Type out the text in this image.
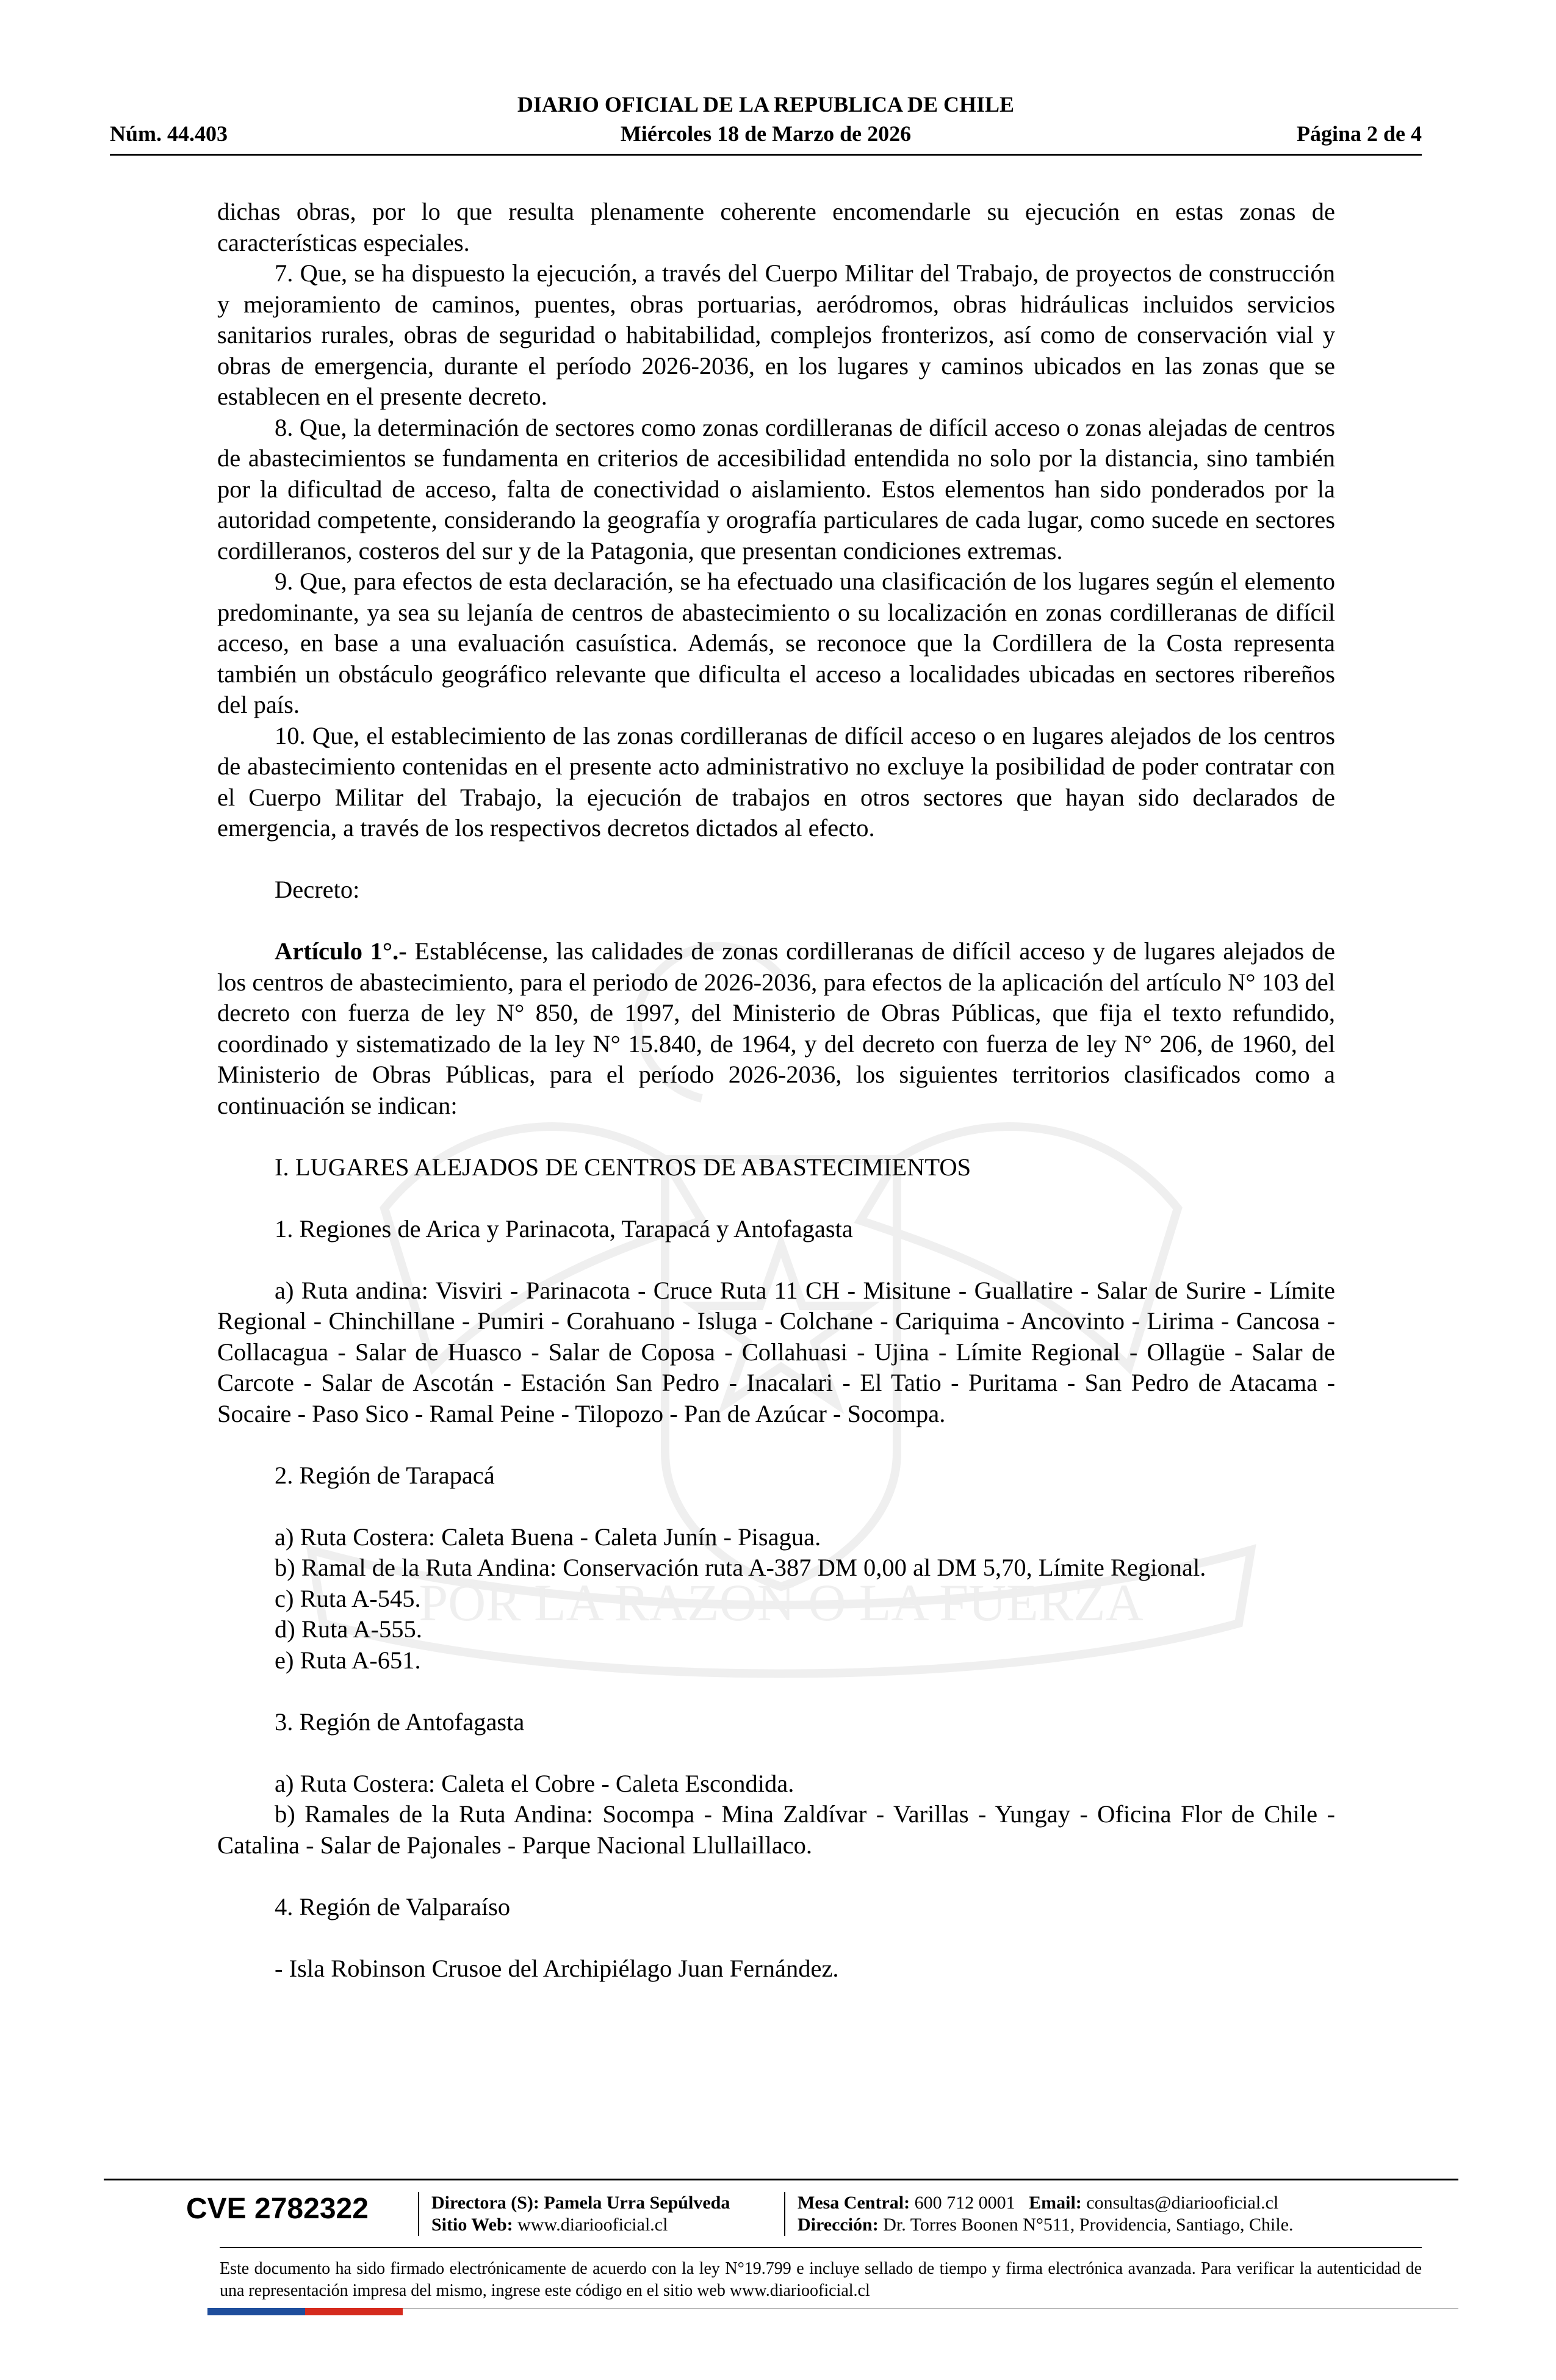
DIARIO OFICIAL DE LA REPUBLICA DE CHILE
Núm. 44.403	Miércoles 18 de Marzo de 2026	Página 2 de 4
POR LA RAZON O LA FUERZA

dichas obras, por lo que resulta plenamente coherente encomendarle su ejecución en estas zonas de características especiales.

7. Que, se ha dispuesto la ejecución, a través del Cuerpo Militar del Trabajo, de proyectos de construcción y mejoramiento de caminos, puentes, obras portuarias, aeródromos, obras hidráulicas incluidos servicios sanitarios rurales, obras de seguridad o habitabilidad, complejos fronterizos, así como de conservación vial y obras de emergencia, durante el período 2026-2036, en los lugares y caminos ubicados en las zonas que se establecen en el presente decreto.

8. Que, la determinación de sectores como zonas cordilleranas de difícil acceso o zonas alejadas de centros de abastecimientos se fundamenta en criterios de accesibilidad entendida no solo por la distancia, sino también por la dificultad de acceso, falta de conectividad o aislamiento. Estos elementos han sido ponderados por la autoridad competente, considerando la geografía y orografía particulares de cada lugar, como sucede en sectores cordilleranos, costeros del sur y de la Patagonia, que presentan condiciones extremas.

9. Que, para efectos de esta declaración, se ha efectuado una clasificación de los lugares según el elemento predominante, ya sea su lejanía de centros de abastecimiento o su localización en zonas cordilleranas de difícil acceso, en base a una evaluación casuística. Además, se reconoce que la Cordillera de la Costa representa también un obstáculo geográfico relevante que dificulta el acceso a localidades ubicadas en sectores ribereños del país.

10. Que, el establecimiento de las zonas cordilleranas de difícil acceso o en lugares alejados de los centros de abastecimiento contenidas en el presente acto administrativo no excluye la posibilidad de poder contratar con el Cuerpo Militar del Trabajo, la ejecución de trabajos en otros sectores que hayan sido declarados de emergencia, a través de los respectivos decretos dictados al efecto.

Decreto:

Artículo 1°.- Establécense, las calidades de zonas cordilleranas de difícil acceso y de lugares alejados de los centros de abastecimiento, para el periodo de 2026-2036, para efectos de la aplicación del artículo N° 103 del decreto con fuerza de ley N° 850, de 1997, del Ministerio de Obras Públicas, que fija el texto refundido, coordinado y sistematizado de la ley N° 15.840, de 1964, y del decreto con fuerza de ley N° 206, de 1960, del Ministerio de Obras Públicas, para el período 2026-2036, los siguientes territorios clasificados como a continuación se indican:

I. LUGARES ALEJADOS DE CENTROS DE ABASTECIMIENTOS

1. Regiones de Arica y Parinacota, Tarapacá y Antofagasta

a) Ruta andina: Visviri - Parinacota - Cruce Ruta 11 CH - Misitune - Guallatire - Salar de Surire - Límite Regional - Chinchillane - Pumiri - Corahuano - Isluga - Colchane - Cariquima - Ancovinto - Lirima - Cancosa - Collacagua - Salar de Huasco - Salar de Coposa - Collahuasi - Ujina - Límite Regional - Ollagüe - Salar de Carcote - Salar de Ascotán - Estación San Pedro - Inacalari - El Tatio - Puritama - San Pedro de Atacama - Socaire - Paso Sico - Ramal Peine - Tilopozo - Pan de Azúcar - Socompa.

2. Región de Tarapacá

a) Ruta Costera: Caleta Buena - Caleta Junín - Pisagua.

b) Ramal de la Ruta Andina: Conservación ruta A-387 DM 0,00 al DM 5,70, Límite Regional.

c) Ruta A-545.

d) Ruta A-555.

e) Ruta A-651.

3. Región de Antofagasta

a) Ruta Costera: Caleta el Cobre - Caleta Escondida.

b) Ramales de la Ruta Andina: Socompa - Mina Zaldívar - Varillas - Yungay - Oficina Flor de Chile - Catalina - Salar de Pajonales - Parque Nacional Llullaillaco.

4. Región de Valparaíso

- Isla Robinson Crusoe del Archipiélago Juan Fernández.

CVE 2782322	Directora (S): Pamela Urra Sepúlveda
Sitio Web: www.diariooficial.cl
Mesa Central: 600 712 0001 Email: consultas@diariooficial.cl
Dirección: Dr. Torres Boonen N°511, Providencia, Santiago, Chile.
Este documento ha sido firmado electrónicamente de acuerdo con la ley N°19.799 e incluye sellado de tiempo y firma electrónica avanzada. Para verificar la autenticidad de una representación impresa del mismo, ingrese este código en el sitio web www.diariooficial.cl
